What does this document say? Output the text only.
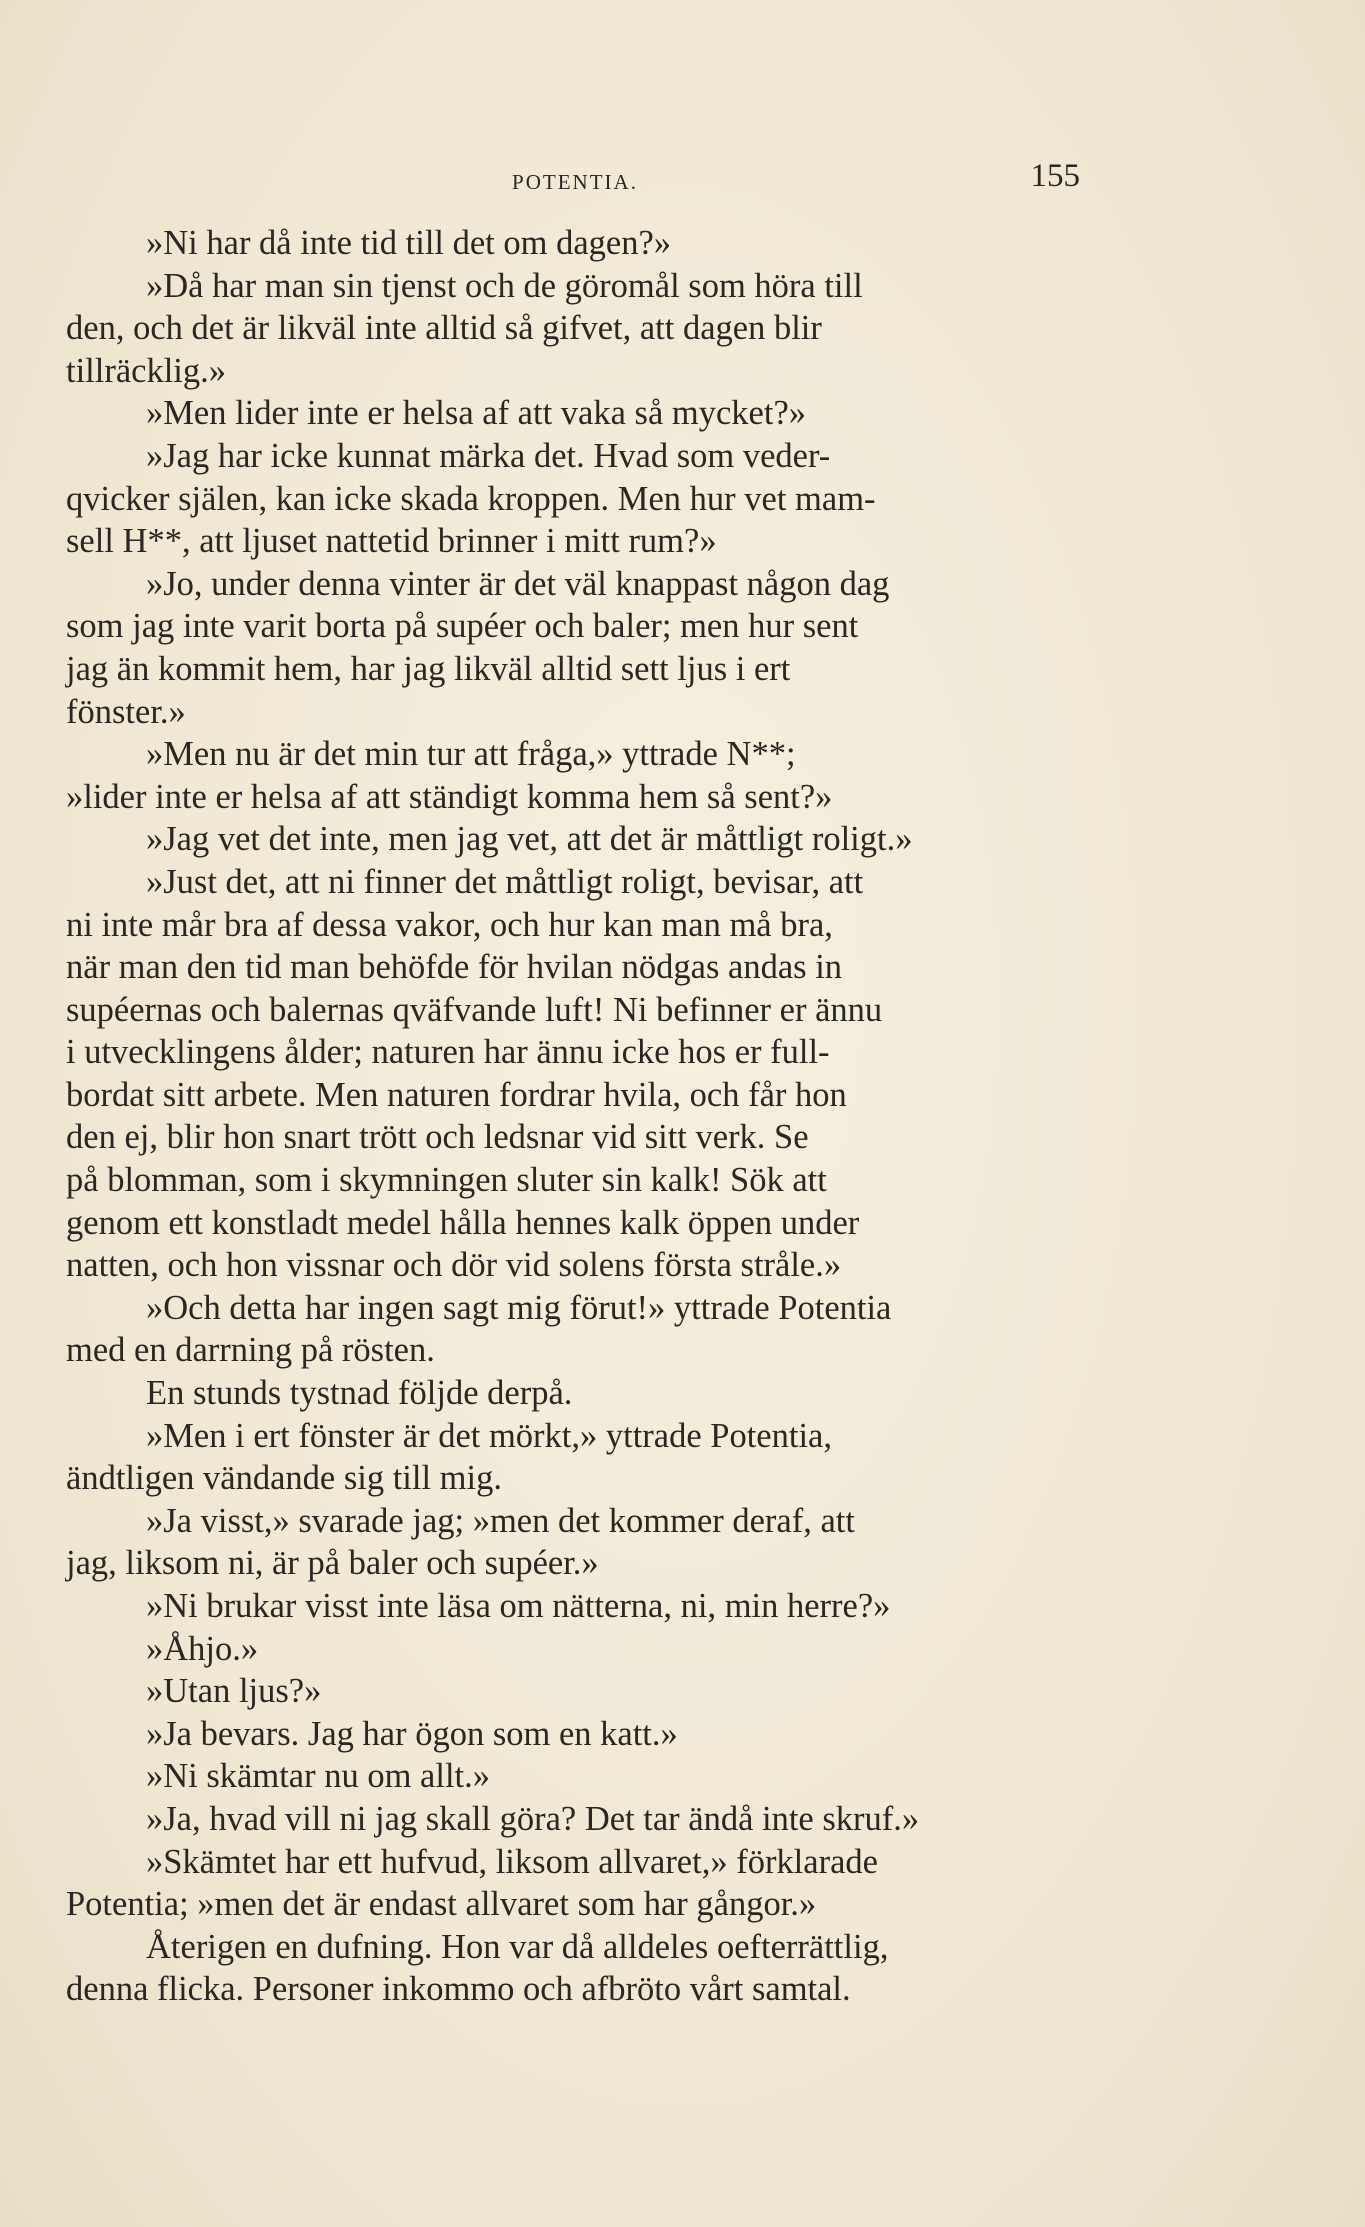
POTENTIA.	155
»Ni har då inte tid till det om dagen?»
»Då har man sin tjenst och de göromål som höra till
den, och det är likväl inte alltid så gifvet, att dagen blir
tillräcklig.»
»Men lider inte er helsa af att vaka så mycket?»
»Jag har icke kunnat märka det. Hvad som veder-
qvicker själen, kan icke skada kroppen. Men hur vet mam-
sell H**, att ljuset nattetid brinner i mitt rum?»
»Jo, under denna vinter är det väl knappast någon dag
som jag inte varit borta på supéer och baler; men hur sent
jag än kommit hem, har jag likväl alltid sett ljus i ert
fönster.»
»Men nu är det min tur att fråga,» yttrade N**;
»lider inte er helsa af att ständigt komma hem så sent?»
»Jag vet det inte, men jag vet, att det är måttligt roligt.»
»Just det, att ni finner det måttligt roligt, bevisar, att
ni inte mår bra af dessa vakor, och hur kan man må bra,
när man den tid man behöfde för hvilan nödgas andas in
supéernas och balernas qväfvande luft! Ni befinner er ännu
i utvecklingens ålder; naturen har ännu icke hos er full-
bordat sitt arbete. Men naturen fordrar hvila, och får hon
den ej, blir hon snart trött och ledsnar vid sitt verk. Se
på blomman, som i skymningen sluter sin kalk! Sök att
genom ett konstladt medel hålla hennes kalk öppen under
natten, och hon vissnar och dör vid solens första stråle.»
»Och detta har ingen sagt mig förut!» yttrade Potentia
med en darrning på rösten.
En stunds tystnad följde derpå.
»Men i ert fönster är det mörkt,» yttrade Potentia,
ändtligen vändande sig till mig.
»Ja visst,» svarade jag; »men det kommer deraf, att
jag, liksom ni, är på baler och supéer.»
»Ni brukar visst inte läsa om nätterna, ni, min herre?»
»Åhjo.»
»Utan ljus?»
»Ja bevars. Jag har ögon som en katt.»
»Ni skämtar nu om allt.»
»Ja, hvad vill ni jag skall göra? Det tar ändå inte skruf.»
»Skämtet har ett hufvud, liksom allvaret,» förklarade
Potentia; »men det är endast allvaret som har gångor.»
Återigen en dufning. Hon var då alldeles oefterrättlig,
denna flicka. Personer inkommo och afbröto vårt samtal.
